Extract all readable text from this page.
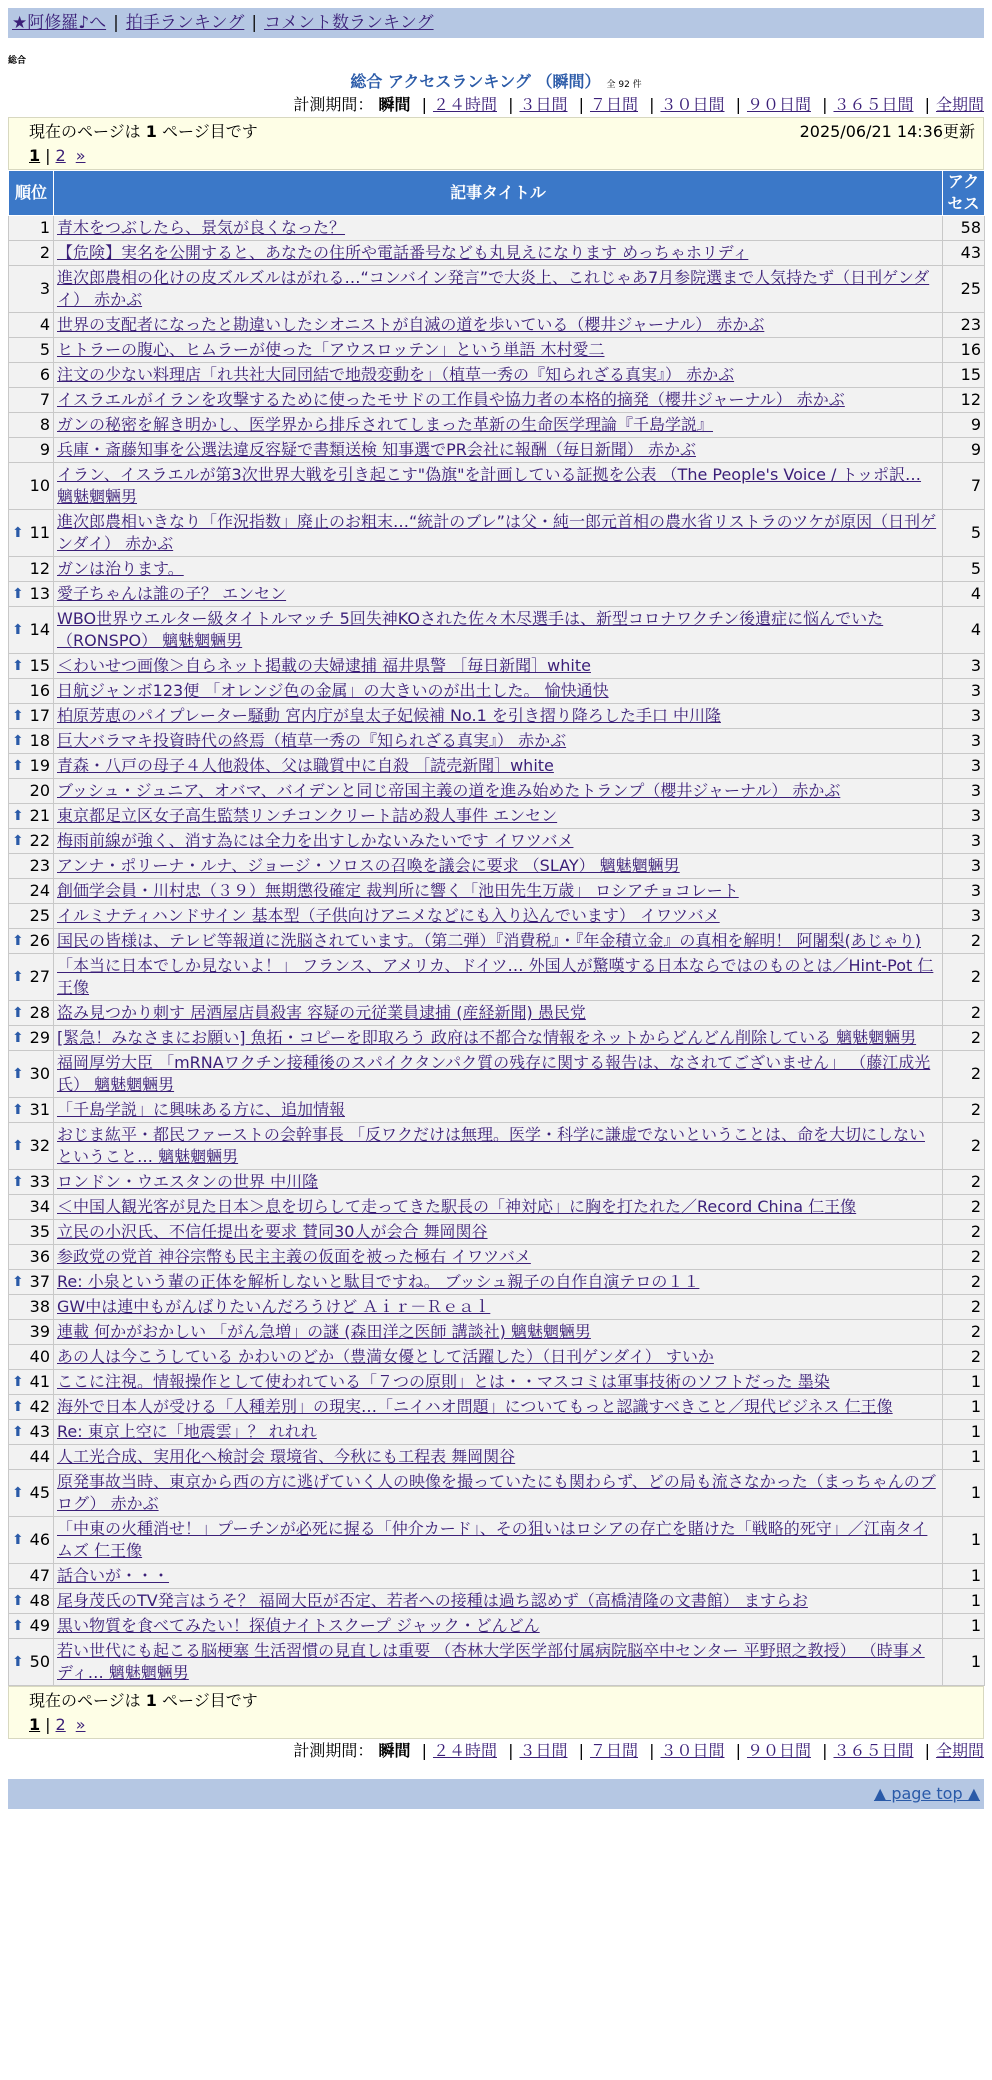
★阿修羅♪へ | 拍手ランキング | コメント数ランキング
総合
総合 アクセスランキング （瞬間） 全 92 件
計測期間： 瞬間 | ２４時間 | ３日間 | ７日間 | ３０日間 | ９０日間 | ３６５日間 | 全期間
現在のページは 1 ページ目です	2025/06/21 14:36更新
1 | 2 »
順位	記事タイトル	アクセス
1	青木をつぶしたら、景気が良くなった？	58
2	【危険】実名を公開すると、あなたの住所や電話番号なども丸見えになります めっちゃホリディ	43
3	進次郎農相の化けの皮ズルズルはがれる…“コンバイン発言”で大炎上、これじゃあ7月参院選まで人気持たず（日刊ゲンダイ） 赤かぶ	25
4	世界の支配者になったと勘違いしたシオニストが自滅の道を歩いている（櫻井ジャーナル） 赤かぶ	23
5	ヒトラーの腹心、ヒムラーが使った「アウスロッテン」という単語 木村愛二	16
6	注文の少ない料理店「れ共社大同団結で地殻変動を」（植草一秀の『知られざる真実』） 赤かぶ	15
7	イスラエルがイランを攻撃するために使ったモサドの工作員や協力者の本格的摘発（櫻井ジャーナル） 赤かぶ	12
8	ガンの秘密を解き明かし、医学界から排斥されてしまった革新の生命医学理論『千島学説』	9
9	兵庫・斎藤知事を公選法違反容疑で書類送検 知事選でPR会社に報酬（毎日新聞） 赤かぶ	9
10	イラン、イスラエルが第3次世界大戦を引き起こす"偽旗"を計画している証拠を公表 （The People's Voice / トッポ訳… 魑魅魍魎男	7

⬆ 11	進次郎農相いきなり「作況指数」廃止のお粗末…“統計のブレ”は父・純一郎元首相の農水省リストラのツケが原因（日刊ゲンダイ） 赤かぶ	5
12	ガンは治ります。	5

⬆ 13	愛子ちゃんは誰の子？ エンセン	4

⬆ 14	WBO世界ウエルター級タイトルマッチ 5回失神KOされた佐々木尽選手は、新型コロナワクチン後遺症に悩んでいた（RONSPO） 魑魅魍魎男	4

⬆ 15	＜わいせつ画像＞自らネット掲載の夫婦逮捕 福井県警 ［毎日新聞］white	3
16	日航ジャンボ123便 「オレンジ色の金属」の大きいのが出土した。 愉快通快	3

⬆ 17	柏原芳恵のパイプレーター騒動 宮内庁が皇太子妃候補 No.1 を引き摺り降ろした手口 中川隆	3

⬆ 18	巨大バラマキ投資時代の終焉（植草一秀の『知られざる真実』） 赤かぶ	3

⬆ 19	青森・八戸の母子４人他殺体、父は職質中に自殺 ［読売新聞］white	3
20	ブッシュ・ジュニア、オバマ、バイデンと同じ帝国主義の道を進み始めたトランプ（櫻井ジャーナル） 赤かぶ	3

⬆ 21	東京都足立区女子高生監禁リンチコンクリート詰め殺人事件 エンセン	3

⬆ 22	梅雨前線が強く、消す為には全力を出すしかないみたいです イワツバメ	3
23	アンナ・ポリーナ・ルナ、ジョージ・ソロスの召喚を議会に要求 （SLAY） 魑魅魍魎男	3
24	創価学会員・川村忠（３９）無期懲役確定 裁判所に響く「池田先生万歳」 ロシアチョコレート	3
25	イルミナティハンドサイン 基本型（子供向けアニメなどにも入り込んでいます） イワツバメ	3

⬆ 26	国民の皆様は、テレビ等報道に洗脳されています。（第二弾）『消費税』・『年金積立金』の真相を解明！ 阿闍梨(あじゃり)	2

⬆ 27	「本当に日本でしか見ないよ！」 フランス、アメリカ、ドイツ… 外国人が驚嘆する日本ならではのものとは／Hint-Pot 仁王像	2

⬆ 28	盗み見つかり刺す 居酒屋店員殺害 容疑の元従業員逮捕 (産経新聞) 愚民党	2

⬆ 29	[緊急！みなさまにお願い] 魚拓・コピーを即取ろう 政府は不都合な情報をネットからどんどん削除している 魑魅魍魎男	2

⬆ 30	福岡厚労大臣 「mRNAワクチン接種後のスパイクタンパク質の残存に関する報告は、なされてございません」 （藤江成光氏） 魑魅魍魎男	2

⬆ 31	「千島学説」に興味ある方に、追加情報	2

⬆ 32	おじま紘平・都民ファーストの会幹事長 「反ワクだけは無理。医学・科学に謙虚でないということは、命を大切にしないということ… 魑魅魍魎男	2

⬆ 33	ロンドン・ウエスタンの世界 中川隆	2
34	＜中国人観光客が見た日本＞息を切らして走ってきた駅長の「神対応」に胸を打たれた／Record China 仁王像	2
35	立民の小沢氏、不信任提出を要求 賛同30人が会合 舞岡関谷	2
36	参政党の党首 神谷宗幣も民主主義の仮面を被った極右 イワツバメ	2

⬆ 37	Re: 小泉という輩の正体を解析しないと駄目ですね。 ブッシュ親子の自作自演テロの１１	2
38	GW中は連中もがんばりたいんだろうけど Ａｉｒ－Ｒｅａｌ	2
39	連載 何かがおかしい 「がん急増」の謎 (森田洋之医師 講談社) 魑魅魍魎男	2
40	あの人は今こうしている かわいのどか（豊満女優として活躍した）（日刊ゲンダイ） すいか	2

⬆ 41	ここに注視。情報操作として使われている「７つの原則」とは・・マスコミは軍事技術のソフトだった 墨染	1

⬆ 42	海外で日本人が受ける「人種差別」の現実…「ニイハオ問題」についてもっと認識すべきこと／現代ビジネス 仁王像	1

⬆ 43	Re: 東京上空に「地震雲」？ れれれ	1
44	人工光合成、実用化へ検討会 環境省、今秋にも工程表 舞岡関谷	1

⬆ 45	原発事故当時、東京から西の方に逃げていく人の映像を撮っていたにも関わらず、どの局も流さなかった（まっちゃんのブログ） 赤かぶ	1

⬆ 46	「中東の火種消せ！」プーチンが必死に握る「仲介カード」、その狙いはロシアの存亡を賭けた「戦略的死守」／江南タイムズ 仁王像	1
47	話合いが・・・	1

⬆ 48	尾身茂氏のTV発言はうそ？ 福岡大臣が否定、若者への接種は過ち認めず（高橋清隆の文書館） ますらお	1

⬆ 49	黒い物質を食べてみたい！探偵ナイトスクープ ジャック・どんどん	1

⬆ 50	若い世代にも起こる脳梗塞 生活習慣の見直しは重要 （杏林大学医学部付属病院脳卒中センター 平野照之教授） （時事メディ… 魑魅魍魎男	1
現在のページは 1 ページ目です
1 | 2 »
計測期間： 瞬間 | ２４時間 | ３日間 | ７日間 | ３０日間 | ９０日間 | ３６５日間 | 全期間
▲ page top ▲
